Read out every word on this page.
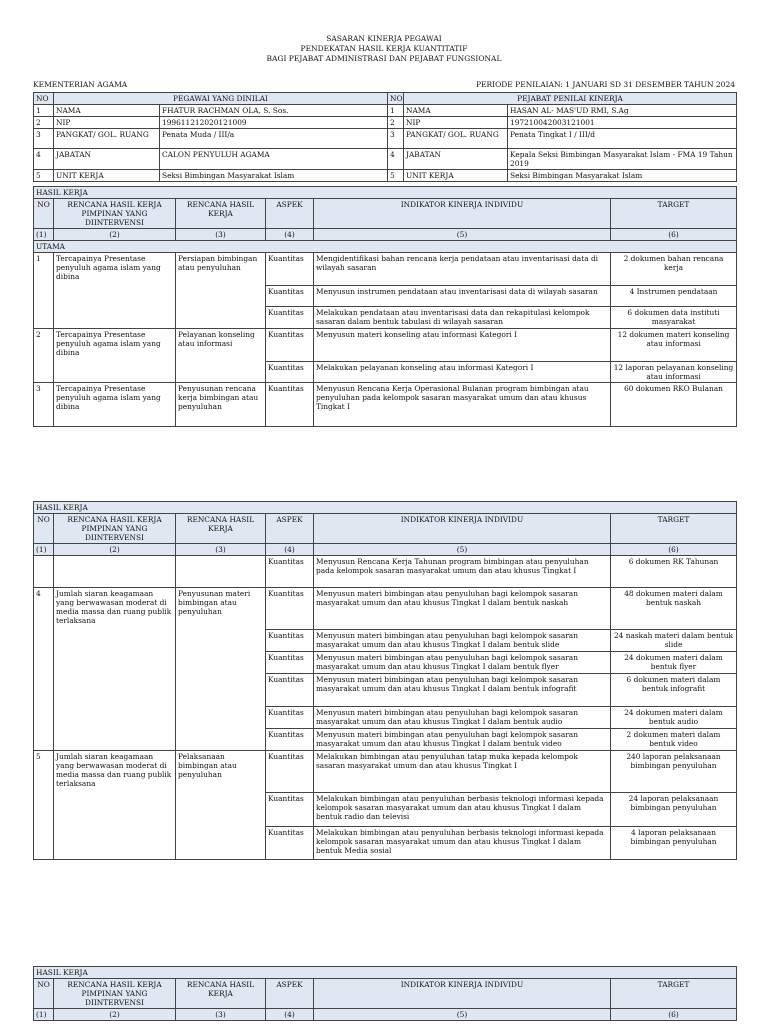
SASARAN KINERJA PEGAWAI
PENDEKATAN HASIL KERJA KUANTITATIF
BAGI PEJABAT ADMINISTRASI DAN PEJABAT FUNGSIONAL
KEMENTERIAN AGAMA	PERIODE PENILAIAN: 1 JANUARI SD 31 DESEMBER TAHUN 2024
NO	PEGAWAI YANG DINILAI		NO	PEJABAT PENILAI KINERJA	
1	NAMA	FHATUR RACHMAN OLA, S. Sos.	1	NAMA	HASAN AL- MAS'UD RMI, S.Ag
2	NIP	199611212020121009	2	NIP	197210042003121001
3	PANGKAT/ GOL. RUANG	Penata Muda / III/a	3	PANGKAT/ GOL. RUANG	Penata Tingkat I / III/d
4	JABATAN	CALON PENYULUH AGAMA	4	JABATAN	Kepala Seksi Bimbingan Masyarakat Islam - FMA 19 Tahun 2019
5	UNIT KERJA	Seksi Bimbingan Masyarakat Islam	5	UNIT KERJA	Seksi Bimbingan Masyarakat Islam
HASIL KERJA					
NO	RENCANA HASIL KERJA PIMPINAN YANG DIINTERVENSI	RENCANA HASIL KERJA	ASPEK	INDIKATOR KINERJA INDIVIDU	TARGET
(1)	(2)	(3)	(4)	(5)	(6)
UTAMA					
1	Tercapainya Presentase penyuluh agama islam yang dibina	Persiapan bimbingan atau penyuluhan	Kuantitas	Mengidentifikasi bahan rencana kerja pendataan atau inventarisasi data di wilayah sasaran	2 dokumen bahan rencana kerja
			Kuantitas	Menyusun instrumen pendataan atau inventarisasi data di wilayah sasaran	4 Instrumen pendataan
			Kuantitas	Melakukan pendataan atau inventarisasi data dan rekapitulasi kelompok sasaran dalam bentuk tabulasi di wilayah sasaran	6 dokumen data instituti masyarakat
2	Tercapainya Presentase penyuluh agama islam yang dibina	Pelayanan konseling atau informasi	Kuantitas	Menyusun materi konseling atau informasi Kategori I	12 dokumen materi konseling atau informasi
			Kuantitas	Melakukan pelayanan konseling atau informasi Kategori I	12 laporan pelayanan konseling atau informasi
3	Tercapainya Presentase penyuluh agama islam yang dibina	Penyusunan rencana kerja bimbingan atau penyuluhan	Kuantitas	Menyusun Rencana Kerja Operasional Bulanan program bimbingan atau penyuluhan pada kelompok sasaran masyarakat umum dan atau khusus Tingkat I	60 dokumen RKO Bulanan
HASIL KERJA					
NO	RENCANA HASIL KERJA PIMPINAN YANG DIINTERVENSI	RENCANA HASIL KERJA	ASPEK	INDIKATOR KINERJA INDIVIDU	TARGET
(1)	(2)	(3)	(4)	(5)	(6)
			Kuantitas	Menyusun Rencana Kerja Tahunan program bimbingan atau penyuluhan pada kelompok sasaran masyarakat umum dan atau khusus Tingkat I	6 dokumen RK Tahunan
4	Jumlah siaran keagamaan yang berwawasan moderat di media massa dan ruang publik terlaksana	Penyusunan materi bimbingan atau penyuluhan	Kuantitas	Menyusun materi bimbingan atau penyuluhan bagi kelompok sasaran masyarakat umum dan atau khusus Tingkat I dalam bentuk naskah	48 dokumen materi dalam bentuk naskah
			Kuantitas	Menyusun materi bimbingan atau penyuluhan bagi kelompok sasaran masyarakat umum dan atau khusus Tingkat I dalam bentuk slide	24 naskah materi dalam bentuk slide
			Kuantitas	Menyusun materi bimbingan atau penyuluhan bagi kelompok sasaran masyarakat umum dan atau khusus Tingkat I dalam bentuk flyer	24 dokumen materi dalam bentuk flyer
			Kuantitas	Menyusun materi bimbingan atau penyuluhan bagi kelompok sasaran masyarakat umum dan atau khusus Tingkat I dalam bentuk infografit	6 dokumen materi dalam bentuk infografit
			Kuantitas	Menyusun materi bimbingan atau penyuluhan bagi kelompok sasaran masyarakat umum dan atau khusus Tingkat I dalam bentuk audio	24 dokumen materi dalam bentuk audio
			Kuantitas	Menyusun materi bimbingan atau penyuluhan bagi kelompok sasaran masyarakat umum dan atau khusus Tingkat I dalam bentuk video	2 dokumen materi dalam bentuk video
5	Jumlah siaran keagamaan yang berwawasan moderat di media massa dan ruang publik terlaksana	Pelaksanaan bimbingan atau penyuluhan	Kuantitas	Melakukan bimbingan atau penyuluhan tatap muka kepada kelompok sasaran masyarakat umum dan atau khusus Tingkat I	240 laporan pelaksanaan bimbingan penyuluhan
			Kuantitas	Melakukan bimbingan atau penyuluhan berbasis teknologi informasi kepada kelompok sasaran masyarakat umum dan atau khusus Tingkat I dalam bentuk radio dan televisi	24 laporan pelaksanaan bimbingan penyuluhan
			Kuantitas	Melakukan bimbingan atau penyuluhan berbasis teknologi informasi kepada kelompok sasaran masyarakat umum dan atau khusus Tingkat I dalam bentuk Media sosial	4 laporan pelaksanaan bimbingan penyuluhan
HASIL KERJA					
NO	RENCANA HASIL KERJA PIMPINAN YANG DIINTERVENSI	RENCANA HASIL KERJA	ASPEK	INDIKATOR KINERJA INDIVIDU	TARGET
(1)	(2)	(3)	(4)	(5)	(6)
